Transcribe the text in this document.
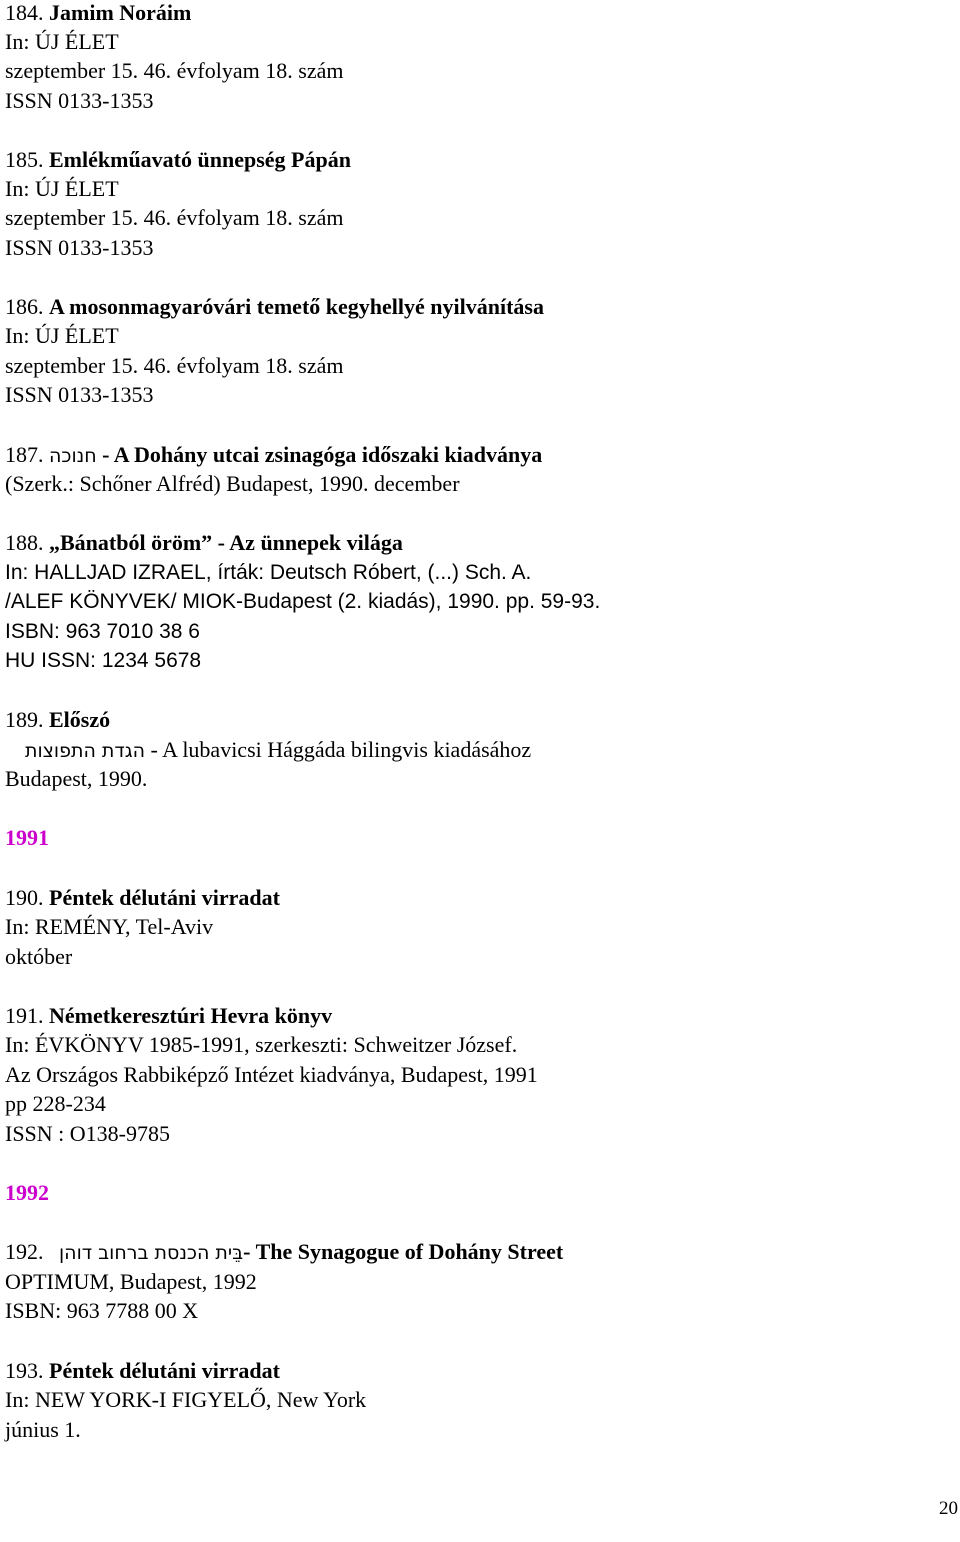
184. Jamim Noráim
In: ÚJ ÉLET
szeptember 15. 46. évfolyam 18. szám
ISSN 0133-1353
185. Emlékműavató ünnepség Pápán
In: ÚJ ÉLET
szeptember 15. 46. évfolyam 18. szám
ISSN 0133-1353
186. A mosonmagyaróvári temető kegyhellyé nyilvánítása
In: ÚJ ÉLET
szeptember 15. 46. évfolyam 18. szám
ISSN 0133-1353
187. חנוכה - A Dohány utcai zsinagóga időszaki kiadványa
(Szerk.: Schőner Alfréd) Budapest, 1990. december
188. „Bánatból öröm” - Az ünnepek világa
In: HALLJAD IZRAEL, írták: Deutsch Róbert, (...) Sch. A.
/ALEF KÖNYVEK/ MIOK-Budapest (2. kiadás), 1990. pp. 59-93.
ISBN: 963 7010 38 6
HU ISSN: 1234 5678
189. Előszó
הגדת התפוצות - A lubavicsi Hággáda bilingvis kiadásához
Budapest, 1990.
1991
190. Péntek délutáni virradat
In: REMÉNY, Tel-Aviv
október
191. Németkeresztúri Hevra könyv
In: ÉVKÖNYV 1985-1991, szerkeszti: Schweitzer József.
Az Országos Rabbiképző Intézet kiadványa, Budapest, 1991
pp 228-234
ISSN : O138-9785
1992
192. בֵּית הכנסת ברחוב דוהן- The Synagogue of Dohány Street
OPTIMUM, Budapest, 1992
ISBN: 963 7788 00 X
193. Péntek délutáni virradat
In: NEW YORK-I FIGYELŐ, New York
június 1.
20
